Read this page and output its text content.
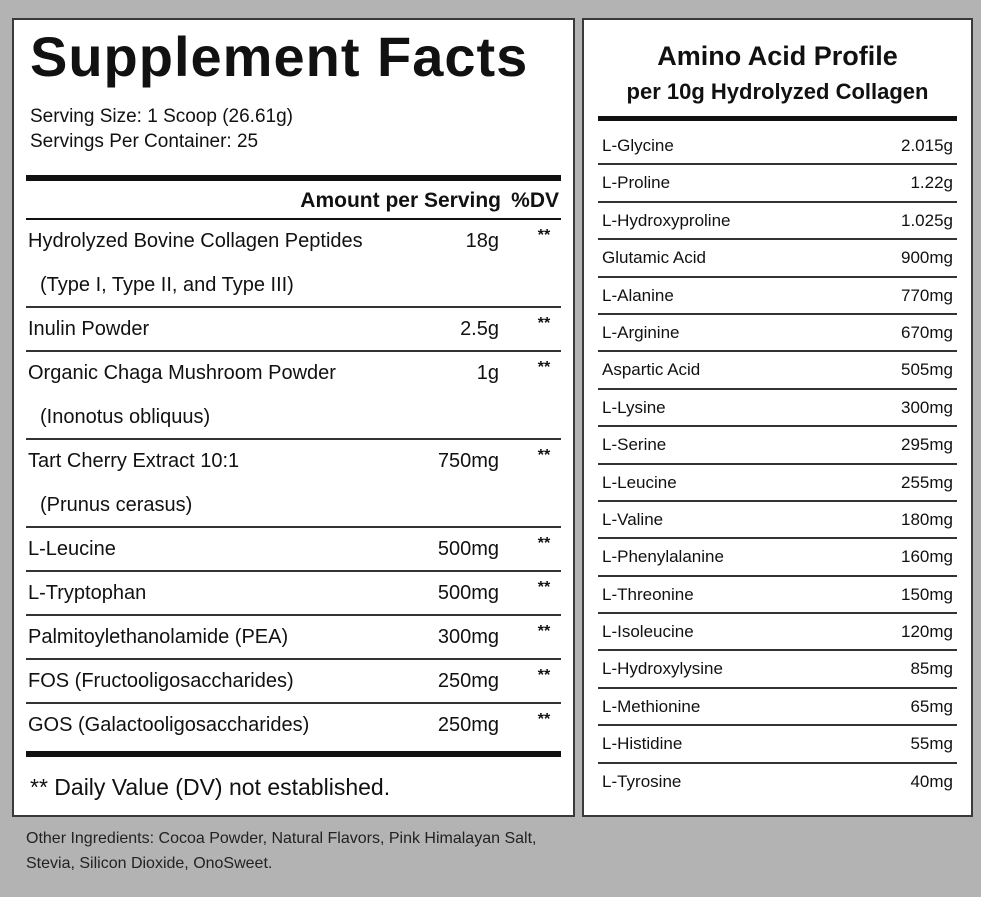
Supplement Facts
Serving Size: 1 Scoop (26.61g)
Servings Per Container: 25
Amount per Serving %DV
Hydrolyzed Bovine Collagen Peptides
(Type I, Type II, and Type III)
18g	**
Inulin Powder	2.5g	**
Organic Chaga Mushroom Powder
(Inonotus obliquus)
1g	**
Tart Cherry Extract 10:1
(Prunus cerasus)
750mg	**
L-Leucine	500mg	**
L-Tryptophan	500mg	**
Palmitoylethanolamide (PEA)	300mg	**
FOS (Fructooligosaccharides)	250mg	**
GOS (Galactooligosaccharides)	250mg	**
** Daily Value (DV) not established.
Amino Acid Profile
per 10g Hydrolyzed Collagen
L-Glycine	2.015g
L-Proline	1.22g
L-Hydroxyproline	1.025g
Glutamic Acid	900mg
L-Alanine	770mg
L-Arginine	670mg
Aspartic Acid	505mg
L-Lysine	300mg
L-Serine	295mg
L-Leucine	255mg
L-Valine	180mg
L-Phenylalanine	160mg
L-Threonine	150mg
L-Isoleucine	120mg
L-Hydroxylysine	85mg
L-Methionine	65mg
L-Histidine	55mg
L-Tyrosine	40mg
Other Ingredients: Cocoa Powder, Natural Flavors, Pink Himalayan Salt, Stevia, Silicon Dioxide, OnoSweet.
